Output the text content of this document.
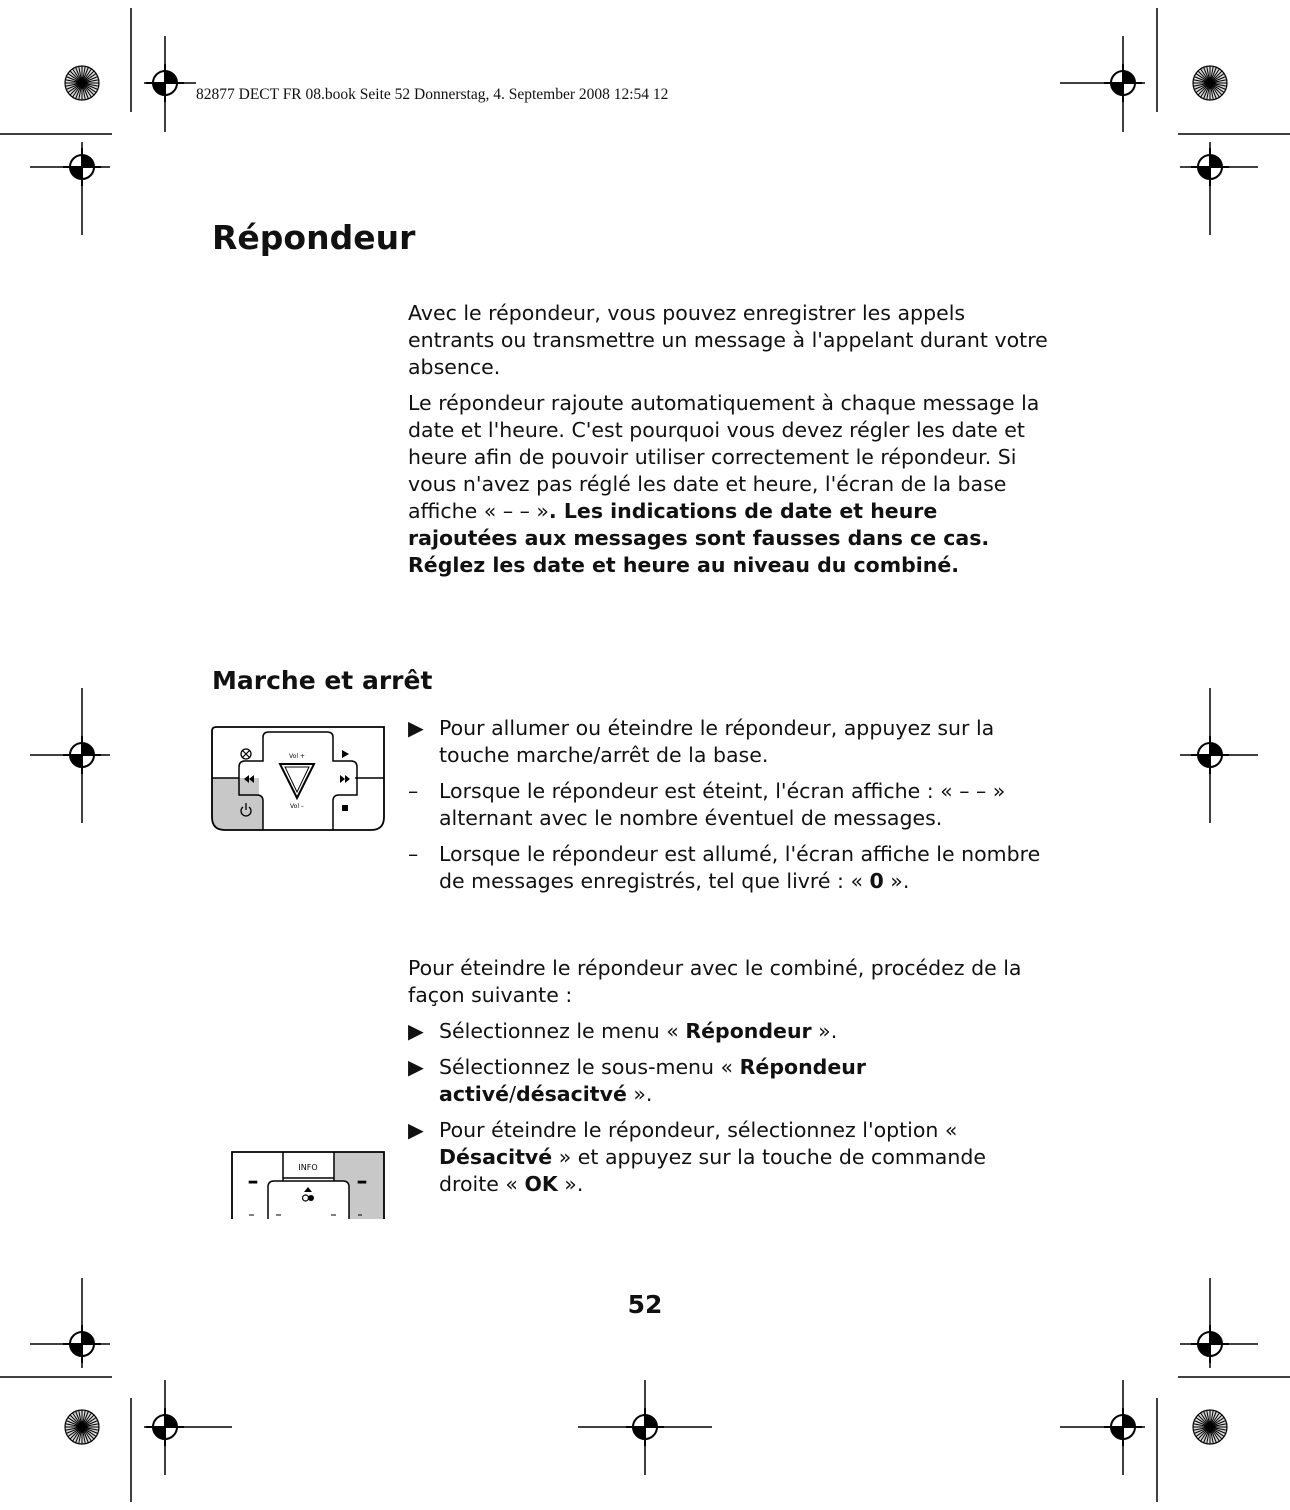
82877 DECT FR 08.book Seite 52 Donnerstag, 4. September 2008 12:54 12
Répondeur

Avec le répondeur, vous pouvez enregistrer les appels entrants ou transmettre un message à l'appelant durant votre absence.

Le répondeur rajoute automatiquement à chaque message la date et l'heure. C'est pourquoi vous devez régler les date et heure afin de pouvoir utiliser correctement le répondeur. Si vous n'avez pas réglé les date et heure, l'écran de la base affiche « – – ». Les indications de date et heure rajoutées aux messages sont fausses dans ce cas. Réglez les date et heure au niveau du combiné.

Marche et arrêt
Vol +
Vol –
▶ Pour allumer ou éteindre le répondeur, appuyez sur la touche marche/arrêt de la base.
– Lorsque le répondeur est éteint, l'écran affiche : « – – » alternant avec le nombre éventuel de messages.
– Lorsque le répondeur est allumé, l'écran affiche le nombre de messages enregistrés, tel que livré : « 0 ».

Pour éteindre le répondeur avec le combiné, procédez de la façon suivante :

▶ Sélectionnez le menu « Répondeur ».
▶ Sélectionnez le sous-menu « Répondeur activé/désacitvé ».
▶ Pour éteindre le répondeur, sélectionnez l'option « Désacitvé » et appuyez sur la touche de commande droite « OK ».
INFO
–	–
52
